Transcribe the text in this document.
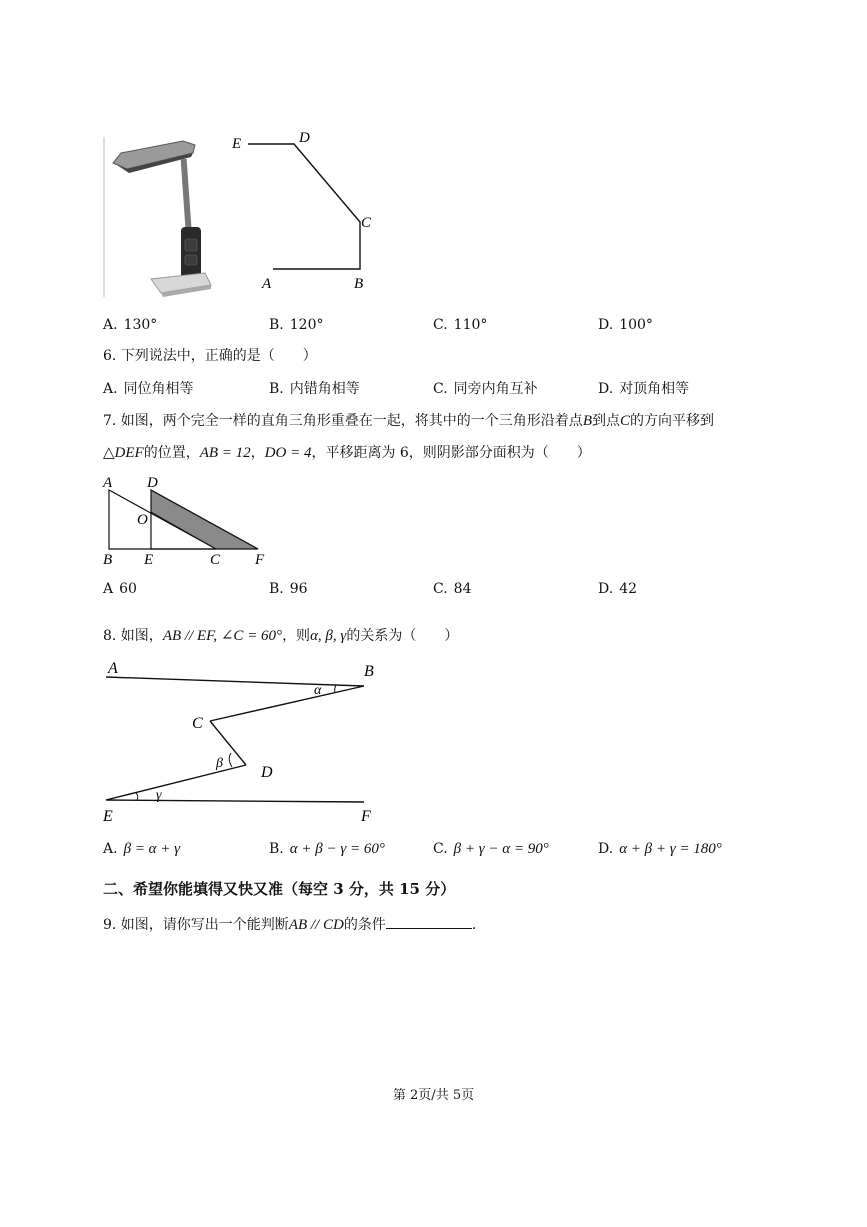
E	D
C
A	B
A. 130°	B. 120°	C. 110°	D. 100°
6. 下列说法中，正确的是（　　）
A. 同位角相等	B. 内错角相等	C. 同旁内角互补	D. 对顶角相等
7. 如图，两个完全一样的直角三角形重叠在一起，将其中的一个三角形沿着点B到点C的方向平移到
△DEF的位置，AB = 12，DO = 4，平移距离为 6，则阴影部分面积为（　　）
A D
O
B E	C F
A 60	B. 96	C. 84	D. 42
8. 如图，AB // EF, ∠C = 60°，则α, β, γ的关系为（　　）
A	B
α
C
β
D
γ
E	F
A. β = α + γ	B. α + β − γ = 60°	C. β + γ − α = 90°	D. α + β + γ = 180°
二、希望你能填得又快又准（每空 3 分，共 15 分）
9. 如图，请你写出一个能判断AB // CD的条件	.
第 2页/共 5页
